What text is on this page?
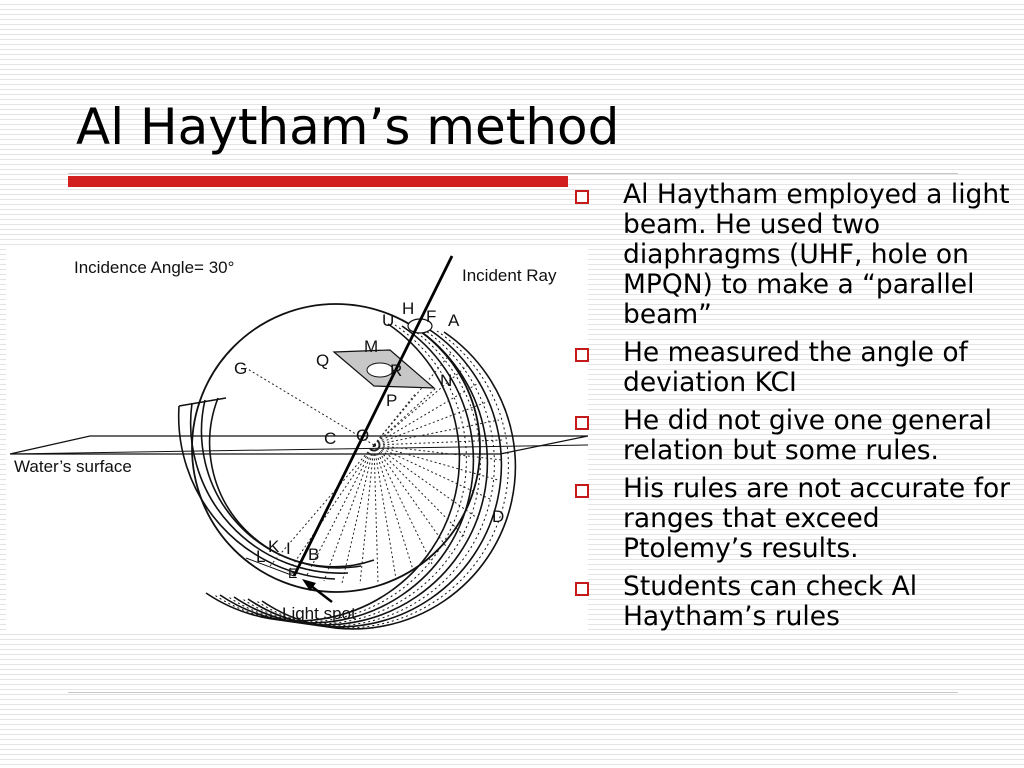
Al Haytham’s method
Incidence Angle= 30°	Incident Ray
Water’s surface
Light spot
U
H F A
M
Q
R
N
P
G
C O
D
K
L I B
E
Al Haytham employed a light beam. He used two diaphragms (UHF, hole on MPQN) to make a “parallel beam”
He measured the angle of deviation KCI
He did not give one general relation but some rules.
His rules are not accurate for ranges that exceed Ptolemy’s results.
Students can check Al Haytham’s rules
